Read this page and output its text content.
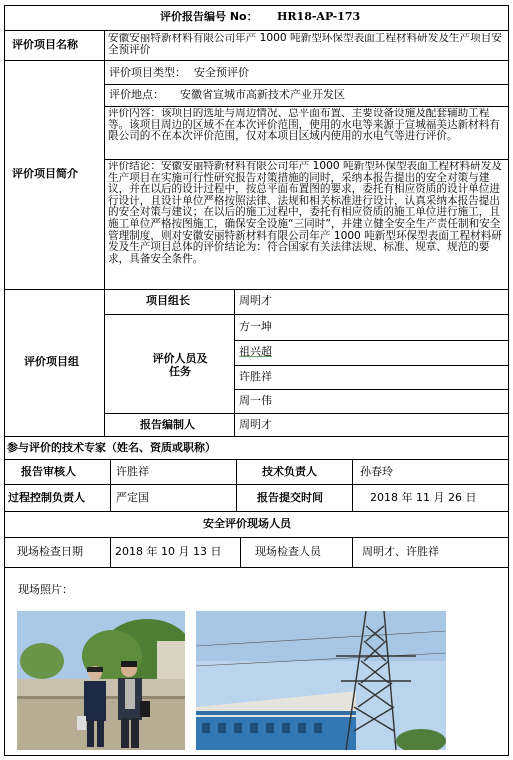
评价报告编号 No： HR18-AP-173
评价项目名称	安徽安丽特新材料有限公司年产 1000 吨新型环保型表面工程材料研发及生产项目安全预评价
评价项目简介
评价项目类型： 安全预评价
评价地点： 安徽省宣城市高新技术产业开发区
评价内容：该项目的选址与周边情况、总平面布置、主要设备设施及配套辅助工程等。该项目周边的区域不在本次评价范围，使用的水电等来源于宣城福美达新材料有限公司的不在本次评价范围，仅对本项目区域内使用的水电气等进行评价。
评价结论：安徽安丽特新材料有限公司年产 1000 吨新型环保型表面工程材料研发及生产项目在实施可行性研究报告对策措施的同时，采纳本报告提出的安全对策与建议，并在以后的设计过程中，按总平面布置图的要求，委托有相应资质的设计单位进行设计，且设计单位严格按照法律、法规和相关标准进行设计，认真采纳本报告提出的安全对策与建议；在以后的施工过程中，委托有相应资质的施工单位进行施工，且施工单位严格按图施工，确保安全设施“三同时”，并建立健全安全生产责任制和安全管理制度，则对安徽安丽特新材料有限公司年产 1000 吨新型环保型表面工程材料研发及生产项目总体的评价结论为：符合国家有关法律法规、标准、规章、规范的要求，具备安全条件。
评价项目组
项目组长	周明才
评价人员及任务
方一坤
祖兴超
许胜祥
周一伟
报告编制人	周明才
参与评价的技术专家（姓名、资质或职称）
报告审核人	许胜祥	技术负责人	孙春玲
过程控制负责人	严定国	报告提交时间	2018 年 11 月 26 日
安全评价现场人员
现场检查日期	2018 年 10 月 13 日	现场检查人员	周明才、许胜祥
现场照片：
